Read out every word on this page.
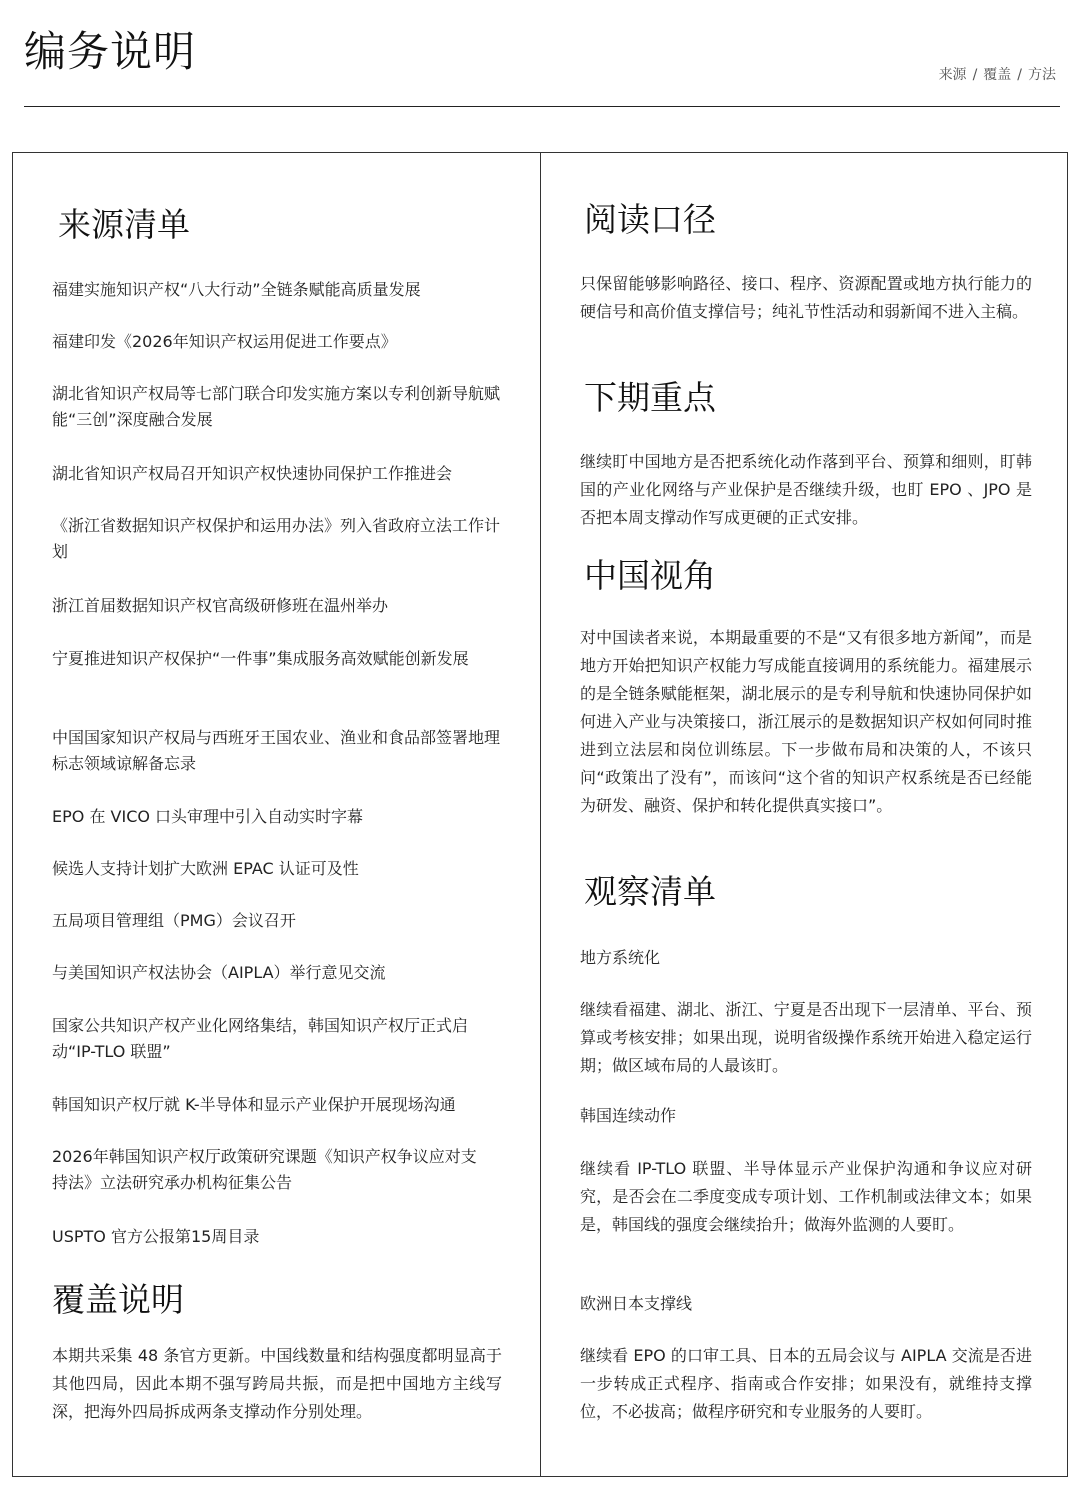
编务说明	来源 / 覆盖 / 方法
来源清单

福建实施知识产权“八大行动”全链条赋能高质量发展

福建印发《2026年知识产权运用促进工作要点》

湖北省知识产权局等七部门联合印发实施方案以专利创新导航赋能“三创”深度融合发展

湖北省知识产权局召开知识产权快速协同保护工作推进会

《浙江省数据知识产权保护和运用办法》列入省政府立法工作计划

浙江首届数据知识产权官高级研修班在温州举办

宁夏推进知识产权保护“一件事”集成服务高效赋能创新发展

中国国家知识产权局与西班牙王国农业、渔业和食品部签署地理标志领域谅解备忘录

EPO 在 VICO 口头审理中引入自动实时字幕

候选人支持计划扩大欧洲 EPAC 认证可及性

五局项目管理组（PMG）会议召开

与美国知识产权法协会（AIPLA）举行意见交流

国家公共知识产权产业化网络集结，韩国知识产权厅正式启动“IP-TLO 联盟”

韩国知识产权厅就 K-半导体和显示产业保护开展现场沟通

2026年韩国知识产权厅政策研究课题《知识产权争议应对支持法》立法研究承办机构征集公告

USPTO 官方公报第15周目录

覆盖说明

本期共采集 48 条官方更新。中国线数量和结构强度都明显高于其他四局，因此本期不强写跨局共振，而是把中国地方主线写深，把海外四局拆成两条支撑动作分别处理。

阅读口径

只保留能够影响路径、接口、程序、资源配置或地方执行能力的硬信号和高价值支撑信号；纯礼节性活动和弱新闻不进入主稿。

下期重点

继续盯中国地方是否把系统化动作落到平台、预算和细则，盯韩国的产业化网络与产业保护是否继续升级，也盯 EPO 、JPO 是否把本周支撑动作写成更硬的正式安排。

中国视角

对中国读者来说，本期最重要的不是“又有很多地方新闻”，而是地方开始把知识产权能力写成能直接调用的系统能力。福建展示的是全链条赋能框架，湖北展示的是专利导航和快速协同保护如何进入产业与决策接口，浙江展示的是数据知识产权如何同时推进到立法层和岗位训练层。下一步做布局和决策的人，不该只问“政策出了没有”，而该问“这个省的知识产权系统是否已经能为研发、融资、保护和转化提供真实接口”。

观察清单

地方系统化

继续看福建、湖北、浙江、宁夏是否出现下一层清单、平台、预算或考核安排；如果出现，说明省级操作系统开始进入稳定运行期；做区域布局的人最该盯。

韩国连续动作

继续看 IP-TLO 联盟、半导体显示产业保护沟通和争议应对研究，是否会在二季度变成专项计划、工作机制或法律文本；如果是，韩国线的强度会继续抬升；做海外监测的人要盯。

欧洲日本支撑线

继续看 EPO 的口审工具、日本的五局会议与 AIPLA 交流是否进一步转成正式程序、指南或合作安排；如果没有，就维持支撑位，不必拔高；做程序研究和专业服务的人要盯。
